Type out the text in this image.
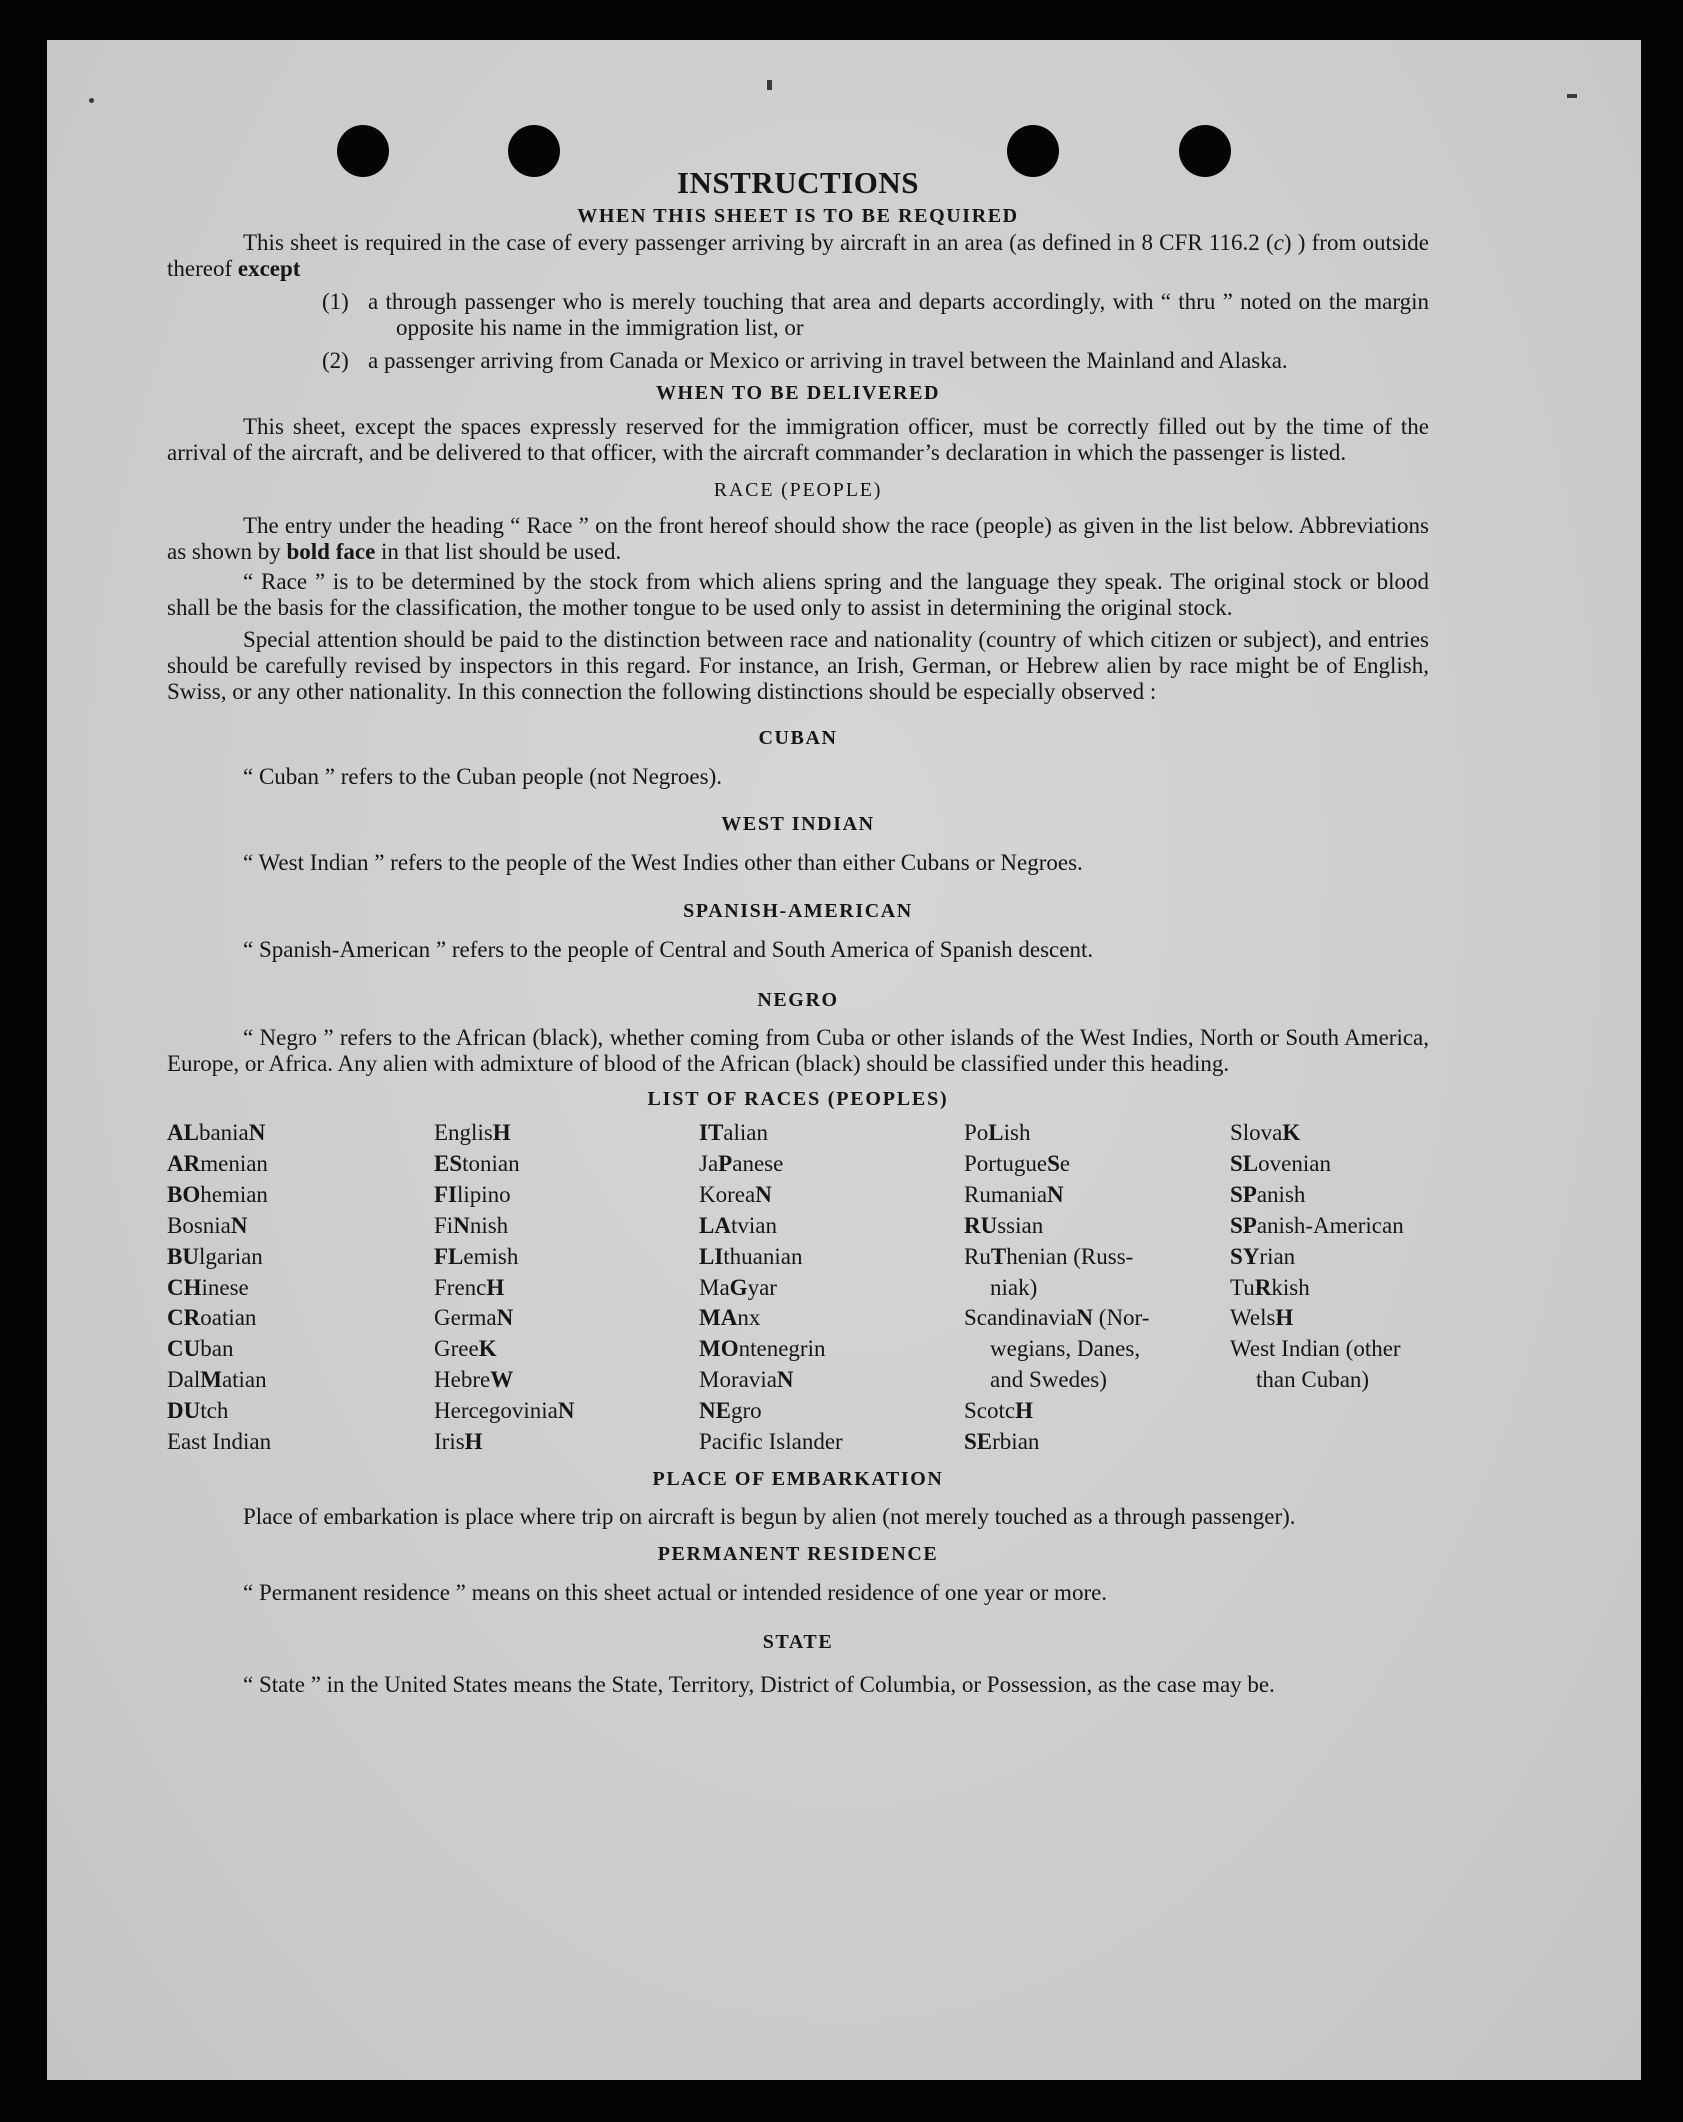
INSTRUCTIONS
WHEN THIS SHEET IS TO BE REQUIRED

This sheet is required in the case of every passenger arriving by aircraft in an area (as defined in 8 CFR 116.2 (c) ) from outside thereof except

(1) a through passenger who is merely touching that area and departs accordingly, with “ thru ” noted on the margin opposite his name in the immigration list, or
(2) a passenger arriving from Canada or Mexico or arriving in travel between the Mainland and Alaska.
WHEN TO BE DELIVERED

This sheet, except the spaces expressly reserved for the immigration officer, must be correctly filled out by the time of the arrival of the aircraft, and be delivered to that officer, with the aircraft commander’s declaration in which the passenger is listed.

RACE (PEOPLE)

The entry under the heading “ Race ” on the front hereof should show the race (people) as given in the list below. Abbreviations as shown by bold face in that list should be used.

“ Race ” is to be determined by the stock from which aliens spring and the language they speak. The original stock or blood shall be the basis for the classification, the mother tongue to be used only to assist in determining the original stock.

Special attention should be paid to the distinction between race and nationality (country of which citizen or subject), and entries should be carefully revised by inspectors in this regard. For instance, an Irish, German, or Hebrew alien by race might be of English, Swiss, or any other nationality. In this connection the following distinctions should be especially observed :

CUBAN

“ Cuban ” refers to the Cuban people (not Negroes).

WEST INDIAN

“ West Indian ” refers to the people of the West Indies other than either Cubans or Negroes.

SPANISH-AMERICAN

“ Spanish-American ” refers to the people of Central and South America of Spanish descent.

NEGRO

“ Negro ” refers to the African (black), whether coming from Cuba or other islands of the West Indies, North or South America, Europe, or Africa. Any alien with admixture of blood of the African (black) should be classified under this heading.

LIST OF RACES (PEOPLES)
ALbaniaN
ARmenian
BOhemian
BosniaN
BUlgarian
CHinese
CRoatian
CUban
DalMatian
DUtch
East Indian
EnglisH
EStonian
FIlipino
FiNnish
FLemish
FrencH
GermaN
GreeK
HebreW
HercegoviniaN
IrisH
ITalian
JaPanese
KoreaN
LAtvian
LIthuanian
MaGyar
MAnx
MOntenegrin
MoraviaN
NEgro
Pacific Islander
PoLish
PortugueSe
RumaniaN
RUssian
RuThenian (Russ-
niak)
ScandinaviaN (Nor-
wegians, Danes,
and Swedes)
ScotcH
SErbian
SlovaK
SLovenian
SPanish
SPanish-American
SYrian
TuRkish
WelsH
West Indian (other
than Cuban)
PLACE OF EMBARKATION

Place of embarkation is place where trip on aircraft is begun by alien (not merely touched as a through passenger).

PERMANENT RESIDENCE

“ Permanent residence ” means on this sheet actual or intended residence of one year or more.

STATE

“ State ” in the United States means the State, Territory, District of Columbia, or Possession, as the case may be.
